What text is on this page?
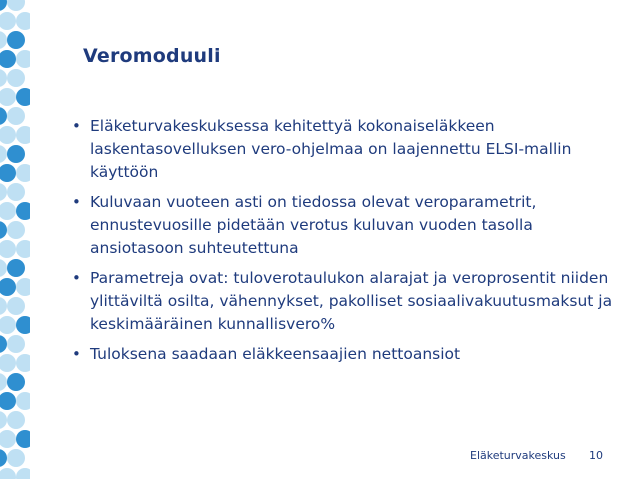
Veromoduuli
• Eläketurvakeskuksessa kehitettyä kokonaiseläkkeen laskentasovelluksen vero-ohjelmaa on laajennettu ELSI-mallin käyttöön
• Kuluvaan vuoteen asti on tiedossa olevat veroparametrit, ennustevuosille pidetään verotus kuluvan vuoden tasolla ansiotasoon suhteutettuna
• Parametreja ovat: tuloverotaulukon alarajat ja veroprosentit niiden ylittäviltä osilta, vähennykset, pakolliset sosiaalivakuutusmaksut ja keskimääräinen kunnallisvero%
• Tuloksena saadaan eläkkeensaajien nettoansiot
Eläketurvakeskus 10
